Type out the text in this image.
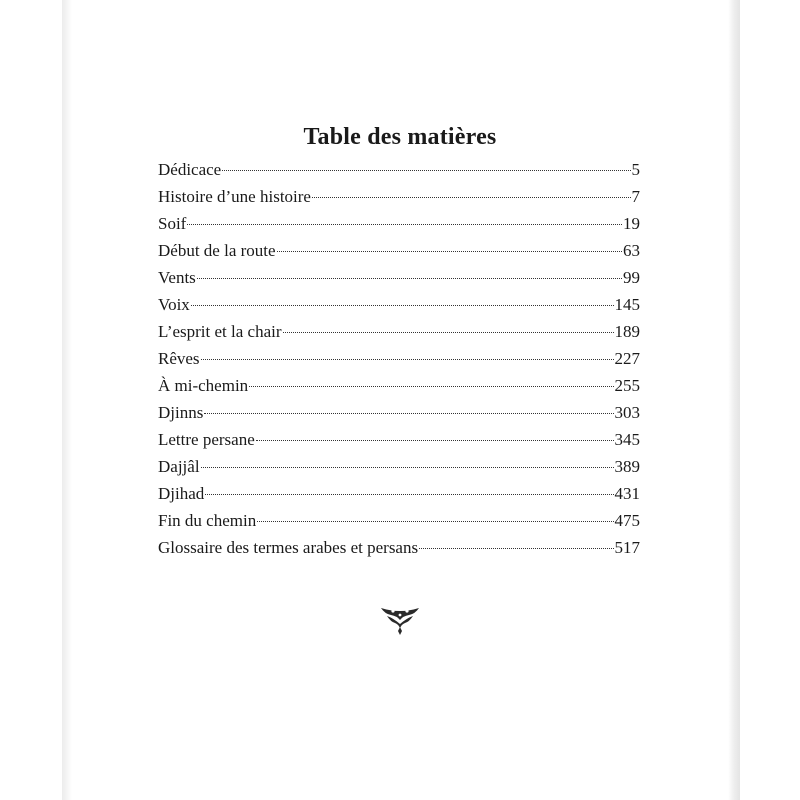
Table des matières
Dédicace	5
Histoire d’une histoire	7
Soif	19
Début de la route	63
Vents	99
Voix	145
L’esprit et la chair	189
Rêves	227
À mi-chemin	255
Djinns	303
Lettre persane	345
Dajjâl	389
Djihad	431
Fin du chemin	475
Glossaire des termes arabes et persans	517
